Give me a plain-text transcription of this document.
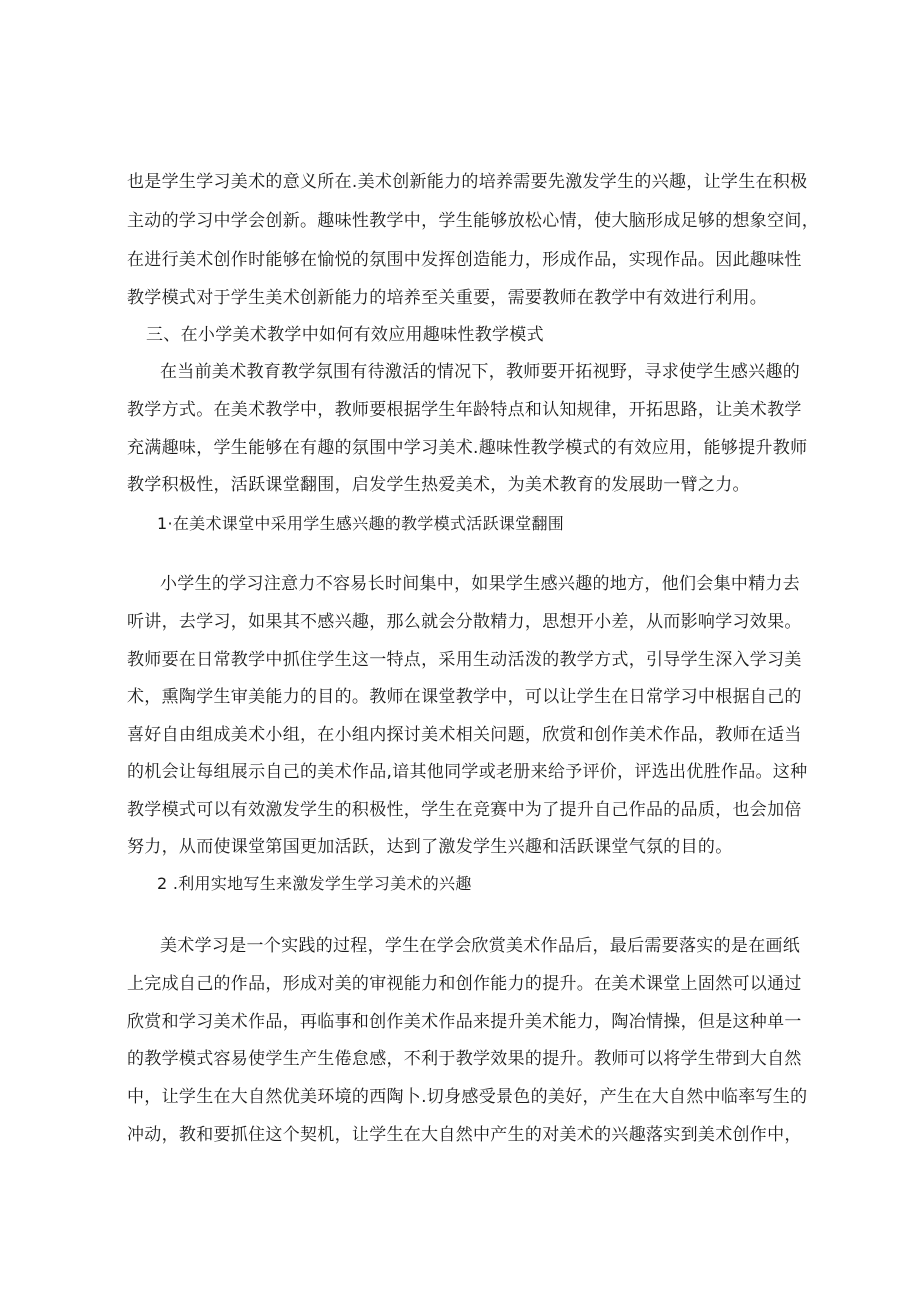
也是学生学习美术的意义所在.美术创新能力的培养需要先激发学生的兴趣，让学生在积极
主动的学习中学会创新。趣味性教学中，学生能够放松心情，使大脑形成足够的想象空间，
在进行美术创作时能够在愉悦的氛围中发挥创造能力，形成作品，实现作品。因此趣味性
教学模式对于学生美术创新能力的培养至关重要，需要教师在教学中有效进行利用。
三、在小学美术教学中如何有效应用趣味性教学模式
在当前美术教育教学氛围有待激活的情况下，教师要开拓视野，寻求使学生感兴趣的
教学方式。在美术教学中，教师要根据学生年龄特点和认知规律，开拓思路，让美术教学
充满趣味，学生能够在有趣的氛围中学习美术.趣味性教学模式的有效应用，能够提升教师
教学积极性，活跃课堂翻围，启发学生热爱美术，为美术教育的发展助一臂之力。
1·在美术课堂中采用学生感兴趣的教学模式活跃课堂翻围
小学生的学习注意力不容易长时间集中，如果学生感兴趣的地方，他们会集中精力去
听讲，去学习，如果其不感兴趣，那么就会分散精力，思想开小差，从而影响学习效果。
教师要在日常教学中抓住学生这一特点，采用生动活泼的教学方式，引导学生深入学习美
术，熏陶学生审美能力的目的。教师在课堂教学中，可以让学生在日常学习中根据自己的
喜好自由组成美术小组，在小组内探讨美术相关问题，欣赏和创作美术作品，教师在适当
的机会让每组展示自己的美术作品,谙其他同学或老册来给予评价，评选出优胜作品。这种
教学模式可以有效激发学生的积极性，学生在竞赛中为了提升自己作品的品质，也会加倍
努力，从而使课堂第国更加活跃，达到了激发学生兴趣和活跃课堂气氛的目的。
2 .利用实地写生来激发学生学习美术的兴趣
美术学习是一个实践的过程，学生在学会欣赏美术作品后，最后需要落实的是在画纸
上完成自己的作品，形成对美的审视能力和创作能力的提升。在美术课堂上固然可以通过
欣赏和学习美术作品，再临事和创作美术作品来提升美术能力，陶冶情操，但是这种单一
的教学模式容易使学生产生倦怠感，不利于教学效果的提升。教师可以将学生带到大自然
中，让学生在大自然优美环境的西陶卜.切身感受景色的美好，产生在大自然中临率写生的
冲动，教和要抓住这个契机，让学生在大自然中产生的对美术的兴趣落实到美术创作中，
